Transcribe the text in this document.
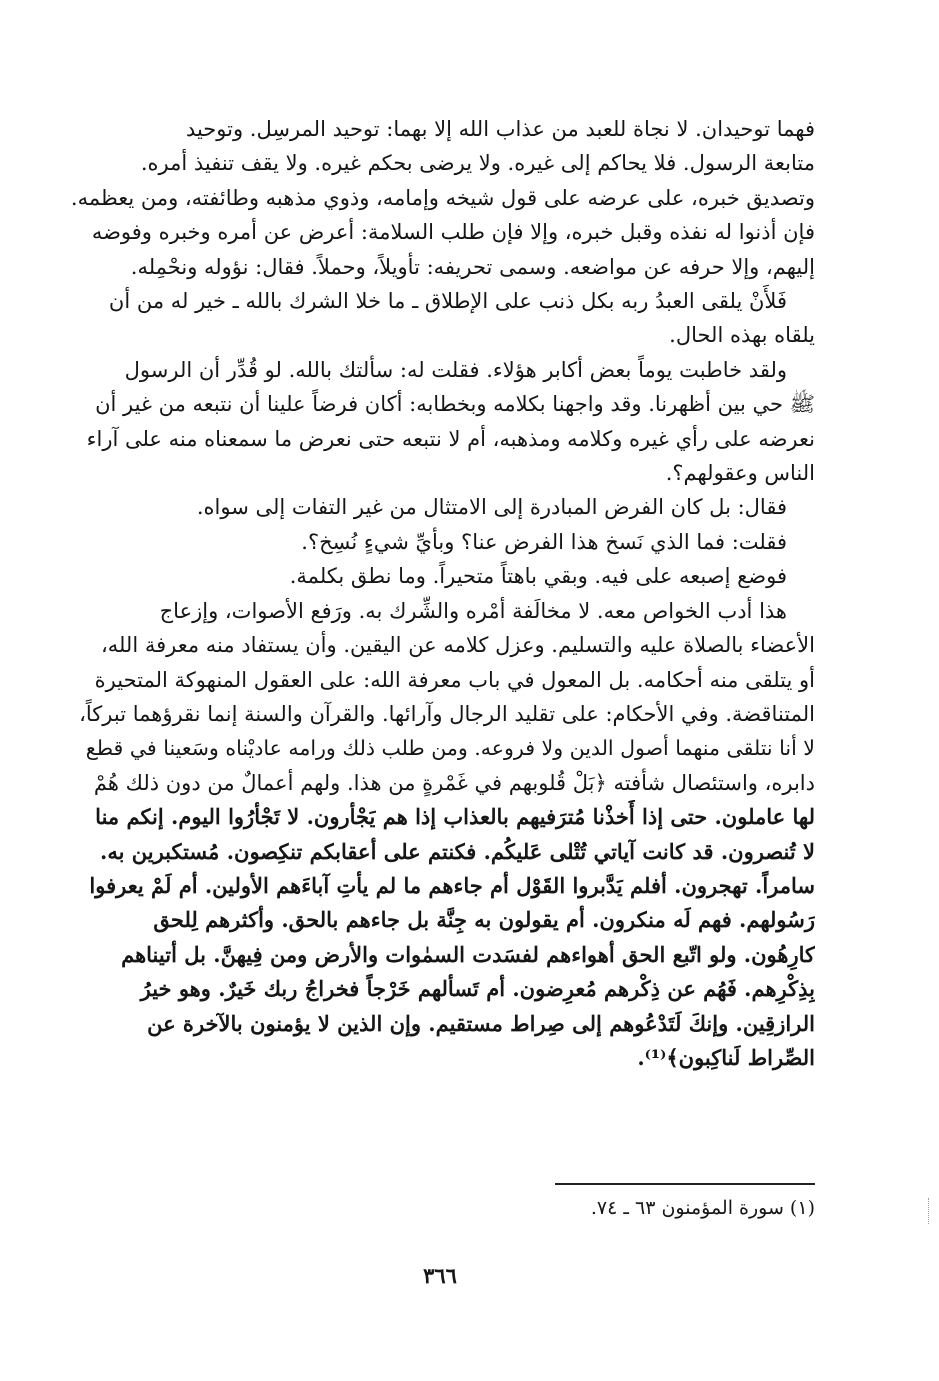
فهما توحيدان. لا نجاة للعبد من عذاب الله إلا بهما: توحيد المرسِل. وتوحيد
متابعة الرسول. فلا يحاكم إلى غيره. ولا يرضى بحكم غيره. ولا يقف تنفيذ أمره.
وتصديق خبره، على عرضه على قول شيخه وإمامه، وذوي مذهبه وطائفته، ومن يعظمه.
فإن أذنوا له نفذه وقبل خبره، وإلا فإن طلب السلامة: أعرض عن أمره وخبره وفوضه
إليهم، وإلا حرفه عن مواضعه. وسمى تحريفه: تأويلاً، وحملاً. فقال: نؤوله ونحْمِله.
فَلأَنْ يلقى العبدُ ربه بكل ذنب على الإطلاق ـ ما خلا الشرك بالله ـ خير له من أن
يلقاه بهذه الحال.
ولقد خاطبت يوماً بعض أكابر هؤلاء. فقلت له: سألتك بالله. لو قُدِّر أن الرسول
ﷺ حي بين أظهرنا. وقد واجهنا بكلامه وبخطابه: أكان فرضاً علينا أن نتبعه من غير أن
نعرضه على رأي غيره وكلامه ومذهبه، أم لا نتبعه حتى نعرض ما سمعناه منه على آراء
الناس وعقولهم؟.
فقال: بل كان الفرض المبادرة إلى الامتثال من غير التفات إلى سواه.
فقلت: فما الذي نَسخ هذا الفرض عنا؟ وبأيِّ شيءٍ نُسِخ؟.
فوضع إصبعه على فيه. وبقي باهتاً متحيراً. وما نطق بكلمة.
هذا أدب الخواص معه. لا مخالَفة أمْره والشِّرك به. ورَفع الأصوات، وإزعاج
الأعضاء بالصلاة عليه والتسليم. وعزل كلامه عن اليقين. وأن يستفاد منه معرفة الله،
أو يتلقى منه أحكامه. بل المعول في باب معرفة الله: على العقول المنهوكة المتحيرة
المتناقضة. وفي الأحكام: على تقليد الرجال وآرائها. والقرآن والسنة إنما نقرؤهما تبركاً،
لا أنا نتلقى منهما أصول الدين ولا فروعه. ومن طلب ذلك ورامه عاديْناه وسَعينا في قطع
دابره، واستئصال شأفته ﴿بَلْ قُلوبهم في غَمْرةٍ من هذا. ولهم أعمالٌ من دون ذلك هُمْ
لها عاملون. حتى إذا أَخذْنا مُترَفيهم بالعذاب إذا هم يَجْأرون. لا تَجْأرُوا اليوم. إنكم منا
لا تُنصرون. قد كانت آياتي تُتْلى عَليكُم. فكنتم على أعقابكم تنكِصون. مُستكبرين به.
سامراً. تهجرون. أفلم يَدَّبروا القَوْل أم جاءهم ما لم يأتِ آباءَهم الأولين. أم لَمْ يعرفوا
رَسُولهم. فهم لَه منكرون. أم يقولون به جِنَّة بل جاءهم بالحق. وأكثرهم لِلحق
كارِهُون. ولو اتّبع الحق أهواءهم لفسَدت السمٰوات والأرض ومن فِيهنَّ. بل أتيناهم
بِذِكْرِهم. فَهُم عن ذِكْرهم مُعرِضون. أم تَسألهم خَرْجاً فخراجُ ربك خَيرٌ. وهو خيرُ
الرازقِين. وإنكَ لَتَدْعُوهم إلى صِراط مستقيم. وإن الذين لا يؤمنون بالآخرة عن
الصِّراط لَناكِبون﴾⁽¹⁾.
(١) سورة المؤمنون ٦٣ ـ ٧٤.
٣٦٦
